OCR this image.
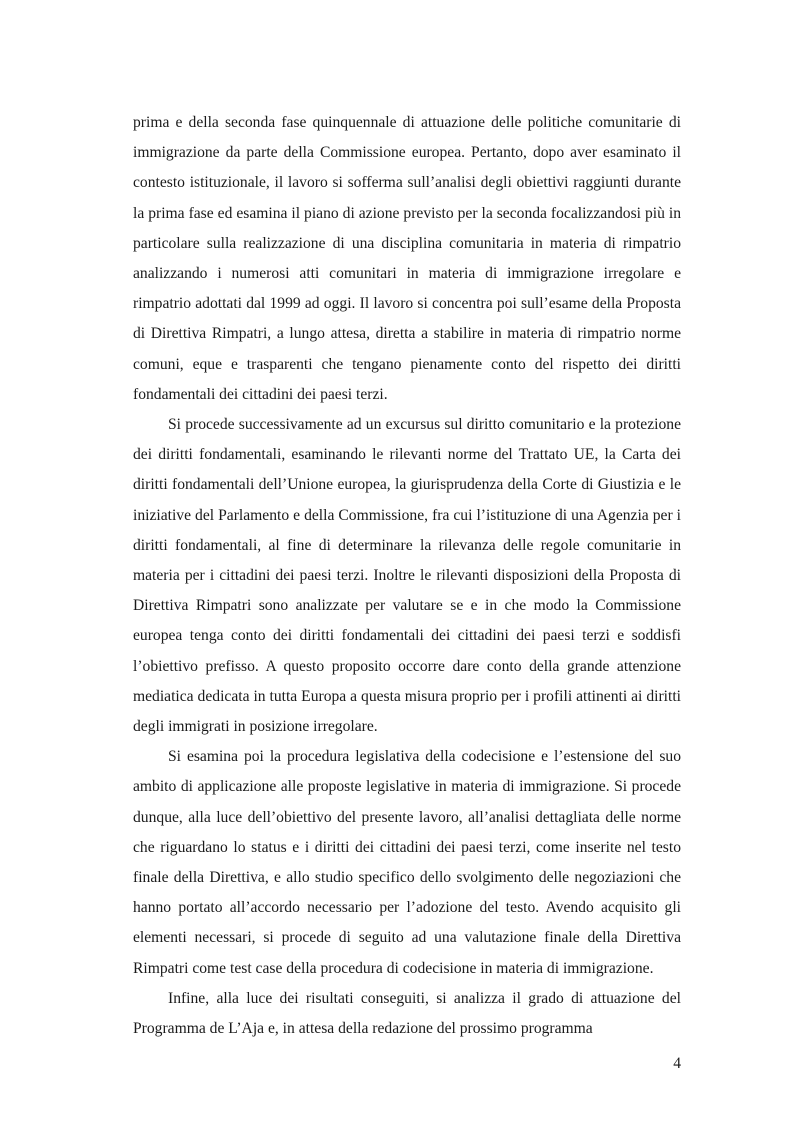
prima e della seconda fase quinquennale di attuazione delle politiche comunitarie di immigrazione da parte della Commissione europea. Pertanto, dopo aver esaminato il contesto istituzionale, il lavoro si sofferma sull’analisi degli obiettivi raggiunti durante la prima fase ed esamina il piano di azione previsto per la seconda focalizzandosi più in particolare sulla realizzazione di una disciplina comunitaria in materia di rimpatrio analizzando i numerosi atti comunitari in materia di immigrazione irregolare e rimpatrio adottati dal 1999 ad oggi. Il lavoro si concentra poi sull’esame della Proposta di Direttiva Rimpatri, a lungo attesa, diretta a stabilire in materia di rimpatrio norme comuni, eque e trasparenti che tengano pienamente conto del rispetto dei diritti fondamentali dei cittadini dei paesi terzi.

Si procede successivamente ad un excursus sul diritto comunitario e la protezione dei diritti fondamentali, esaminando le rilevanti norme del Trattato UE, la Carta dei diritti fondamentali dell’Unione europea, la giurisprudenza della Corte di Giustizia e le iniziative del Parlamento e della Commissione, fra cui l’istituzione di una Agenzia per i diritti fondamentali, al fine di determinare la rilevanza delle regole comunitarie in materia per i cittadini dei paesi terzi. Inoltre le rilevanti disposizioni della Proposta di Direttiva Rimpatri sono analizzate per valutare se e in che modo la Commissione europea tenga conto dei diritti fondamentali dei cittadini dei paesi terzi e soddisfi l’obiettivo prefisso. A questo proposito occorre dare conto della grande attenzione mediatica dedicata in tutta Europa a questa misura proprio per i profili attinenti ai diritti degli immigrati in posizione irregolare.

Si esamina poi la procedura legislativa della codecisione e l’estensione del suo ambito di applicazione alle proposte legislative in materia di immigrazione. Si procede dunque, alla luce dell’obiettivo del presente lavoro, all’analisi dettagliata delle norme che riguardano lo status e i diritti dei cittadini dei paesi terzi, come inserite nel testo finale della Direttiva, e allo studio specifico dello svolgimento delle negoziazioni che hanno portato all’accordo necessario per l’adozione del testo. Avendo acquisito gli elementi necessari, si procede di seguito ad una valutazione finale della Direttiva Rimpatri come test case della procedura di codecisione in materia di immigrazione.

Infine, alla luce dei risultati conseguiti, si analizza il grado di attuazione del Programma de L’Aja e, in attesa della redazione del prossimo programma

4
